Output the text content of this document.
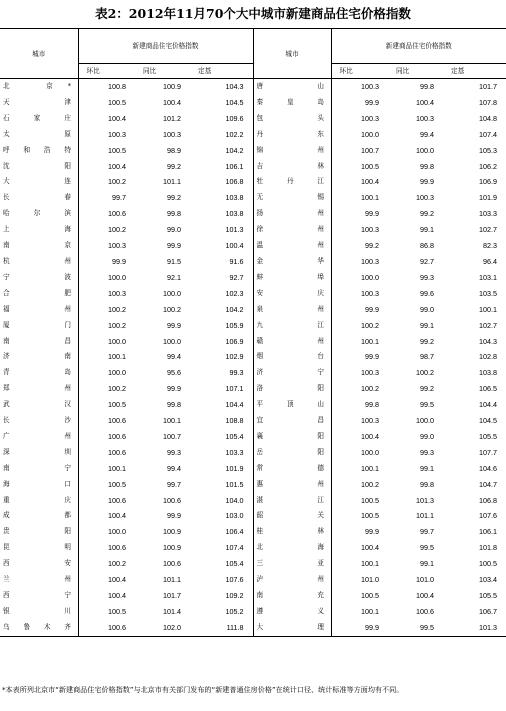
表2：2012年11月70个大中城市新建商品住宅价格指数
城市	新建商品住宅价格指数			城市	新建商品住宅价格指数		
	环比	同比	定基		环比	同比	定基
北　京*	100.8	100.9	104.3	唐　山	100.3	99.8	101.7
天　津	100.5	100.4	104.5	秦皇岛	99.9	100.4	107.8
石家庄	100.4	101.2	109.6	包　头	100.3	100.3	104.8
太　原	100.3	100.3	102.2	丹　东	100.0	99.4	107.4
呼和浩特	100.5	98.9	104.2	锦　州	100.7	100.0	105.3
沈　阳	100.4	99.2	106.1	吉　林	100.5	99.8	106.2
大　连	100.2	101.1	106.8	牡丹江	100.4	99.9	106.9
长　春	99.7	99.2	103.8	无　锡	100.1	100.3	101.9
哈尔滨	100.6	99.8	103.8	扬　州	99.9	99.2	103.3
上　海	100.2	99.0	101.3	徐　州	100.3	99.1	102.7
南　京	100.3	99.9	100.4	温　州	99.2	86.8	82.3
杭　州	99.9	91.5	91.6	金　华	100.3	92.7	96.4
宁　波	100.0	92.1	92.7	蚌　埠	100.0	99.3	103.1
合　肥	100.3	100.0	102.3	安　庆	100.3	99.6	103.5
福　州	100.2	100.2	104.2	泉　州	99.9	99.0	100.1
厦　门	100.2	99.9	105.9	九　江	100.2	99.1	102.7
南　昌	100.0	100.0	106.9	赣　州	100.1	99.2	104.3
济　南	100.1	99.4	102.9	烟　台	99.9	98.7	102.8
青　岛	100.0	95.6	99.3	济　宁	100.3	100.2	103.8
郑　州	100.2	99.9	107.1	洛　阳	100.2	99.2	106.5
武　汉	100.5	99.8	104.4	平顶山	99.8	99.5	104.4
长　沙	100.6	100.1	108.8	宜　昌	100.3	100.0	104.5
广　州	100.6	100.7	105.4	襄　阳	100.4	99.0	105.5
深　圳	100.6	99.3	103.3	岳　阳	100.0	99.3	107.7
南　宁	100.1	99.4	101.9	常　德	100.1	99.1	104.6
海　口	100.5	99.7	101.5	惠　州	100.2	99.8	104.7
重　庆	100.6	100.6	104.0	湛　江	100.5	101.3	106.8
成　都	100.4	99.9	103.0	韶　关	100.5	101.1	107.6
贵　阳	100.0	100.9	106.4	桂　林	99.9	99.7	106.1
昆　明	100.6	100.9	107.4	北　海	100.4	99.5	101.8
西　安	100.2	100.6	105.4	三　亚	100.1	99.1	100.5
兰　州	100.4	101.1	107.6	泸　州	101.0	101.0	103.4
西　宁	100.4	101.7	109.2	南　充	100.5	100.4	105.5
银　川	100.5	101.4	105.2	遵　义	100.1	100.6	106.7
乌鲁木齐	100.6	102.0	111.8	大　理	99.9	99.5	101.3
*本表所列北京市“新建商品住宅价格指数”与北京市有关部门发布的“新建普通住房价格”在统计口径、统计标准等方面均有不同。
